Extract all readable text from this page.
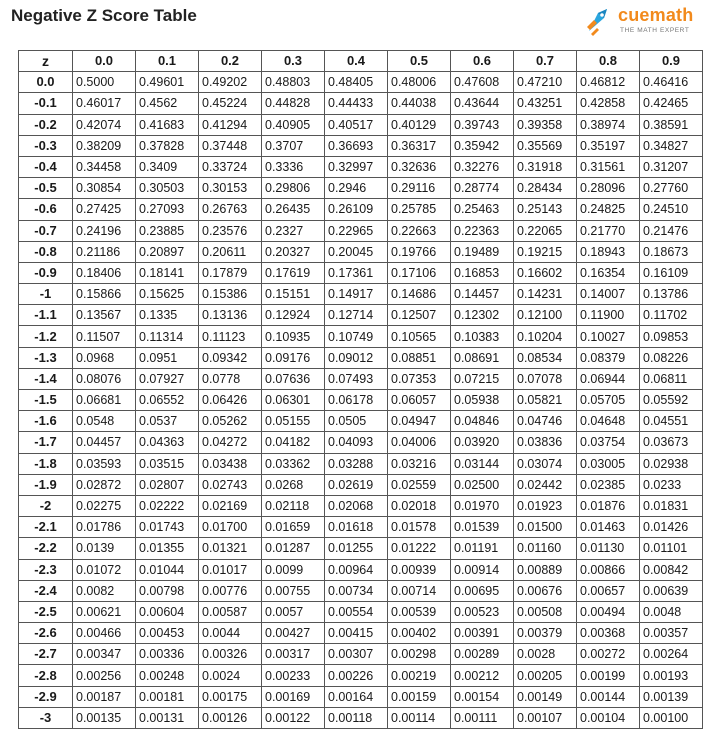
Negative Z Score Table	cuemath
THE MATH EXPERT
z	0.0	0.1	0.2	0.3	0.4	0.5	0.6	0.7	0.8	0.9
0.0	0.5000	0.49601	0.49202	0.48803	0.48405	0.48006	0.47608	0.47210	0.46812	0.46416
-0.1	0.46017	0.4562	0.45224	0.44828	0.44433	0.44038	0.43644	0.43251	0.42858	0.42465
-0.2	0.42074	0.41683	0.41294	0.40905	0.40517	0.40129	0.39743	0.39358	0.38974	0.38591
-0.3	0.38209	0.37828	0.37448	0.3707	0.36693	0.36317	0.35942	0.35569	0.35197	0.34827
-0.4	0.34458	0.3409	0.33724	0.3336	0.32997	0.32636	0.32276	0.31918	0.31561	0.31207
-0.5	0.30854	0.30503	0.30153	0.29806	0.2946	0.29116	0.28774	0.28434	0.28096	0.27760
-0.6	0.27425	0.27093	0.26763	0.26435	0.26109	0.25785	0.25463	0.25143	0.24825	0.24510
-0.7	0.24196	0.23885	0.23576	0.2327	0.22965	0.22663	0.22363	0.22065	0.21770	0.21476
-0.8	0.21186	0.20897	0.20611	0.20327	0.20045	0.19766	0.19489	0.19215	0.18943	0.18673
-0.9	0.18406	0.18141	0.17879	0.17619	0.17361	0.17106	0.16853	0.16602	0.16354	0.16109
-1	0.15866	0.15625	0.15386	0.15151	0.14917	0.14686	0.14457	0.14231	0.14007	0.13786
-1.1	0.13567	0.1335	0.13136	0.12924	0.12714	0.12507	0.12302	0.12100	0.11900	0.11702
-1.2	0.11507	0.11314	0.11123	0.10935	0.10749	0.10565	0.10383	0.10204	0.10027	0.09853
-1.3	0.0968	0.0951	0.09342	0.09176	0.09012	0.08851	0.08691	0.08534	0.08379	0.08226
-1.4	0.08076	0.07927	0.0778	0.07636	0.07493	0.07353	0.07215	0.07078	0.06944	0.06811
-1.5	0.06681	0.06552	0.06426	0.06301	0.06178	0.06057	0.05938	0.05821	0.05705	0.05592
-1.6	0.0548	0.0537	0.05262	0.05155	0.0505	0.04947	0.04846	0.04746	0.04648	0.04551
-1.7	0.04457	0.04363	0.04272	0.04182	0.04093	0.04006	0.03920	0.03836	0.03754	0.03673
-1.8	0.03593	0.03515	0.03438	0.03362	0.03288	0.03216	0.03144	0.03074	0.03005	0.02938
-1.9	0.02872	0.02807	0.02743	0.0268	0.02619	0.02559	0.02500	0.02442	0.02385	0.0233
-2	0.02275	0.02222	0.02169	0.02118	0.02068	0.02018	0.01970	0.01923	0.01876	0.01831
-2.1	0.01786	0.01743	0.01700	0.01659	0.01618	0.01578	0.01539	0.01500	0.01463	0.01426
-2.2	0.0139	0.01355	0.01321	0.01287	0.01255	0.01222	0.01191	0.01160	0.01130	0.01101
-2.3	0.01072	0.01044	0.01017	0.0099	0.00964	0.00939	0.00914	0.00889	0.00866	0.00842
-2.4	0.0082	0.00798	0.00776	0.00755	0.00734	0.00714	0.00695	0.00676	0.00657	0.00639
-2.5	0.00621	0.00604	0.00587	0.0057	0.00554	0.00539	0.00523	0.00508	0.00494	0.0048
-2.6	0.00466	0.00453	0.0044	0.00427	0.00415	0.00402	0.00391	0.00379	0.00368	0.00357
-2.7	0.00347	0.00336	0.00326	0.00317	0.00307	0.00298	0.00289	0.0028	0.00272	0.00264
-2.8	0.00256	0.00248	0.0024	0.00233	0.00226	0.00219	0.00212	0.00205	0.00199	0.00193
-2.9	0.00187	0.00181	0.00175	0.00169	0.00164	0.00159	0.00154	0.00149	0.00144	0.00139
-3	0.00135	0.00131	0.00126	0.00122	0.00118	0.00114	0.00111	0.00107	0.00104	0.00100
